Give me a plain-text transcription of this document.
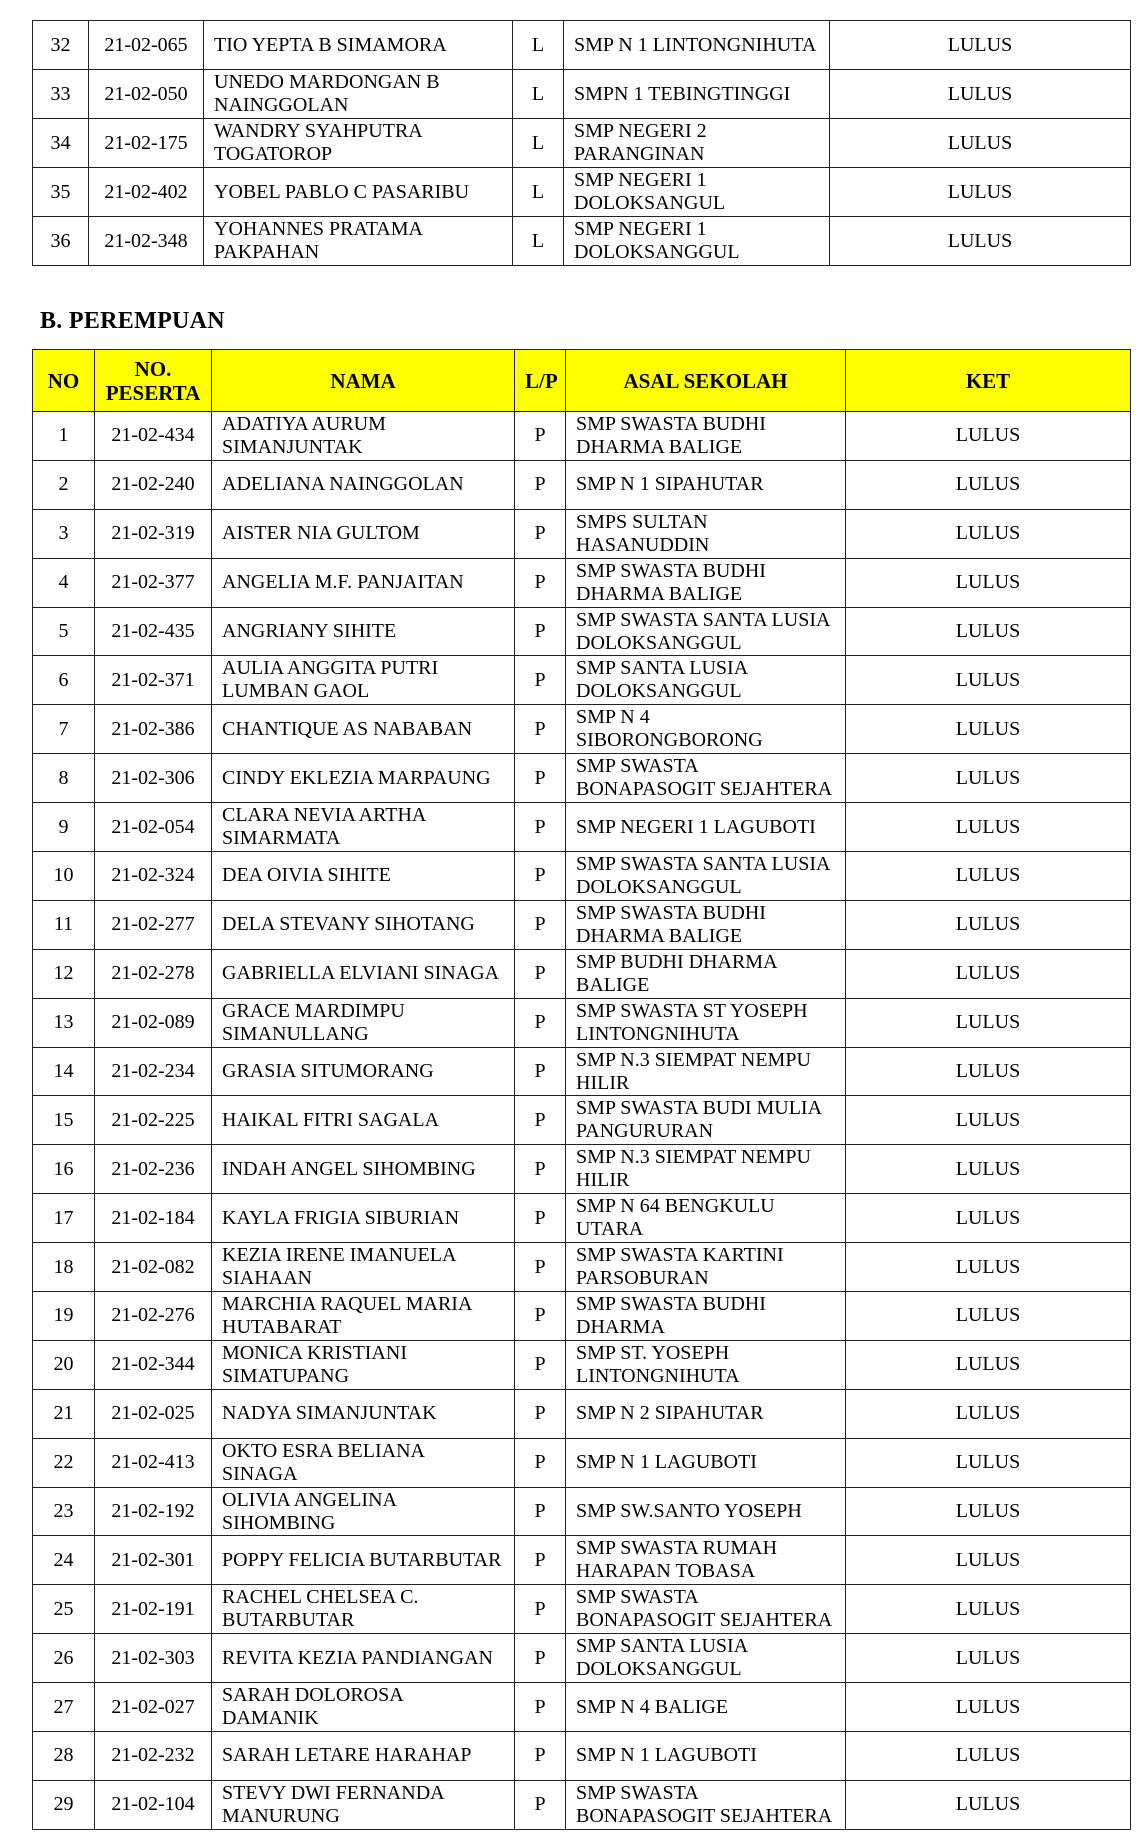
32	21-02-065	TIO YEPTA B SIMAMORA	L	SMP N 1 LINTONGNIHUTA	LULUS
33	21-02-050	UNEDO MARDONGAN B NAINGGOLAN	L	SMPN 1 TEBINGTINGGI	LULUS
34	21-02-175	WANDRY SYAHPUTRA TOGATOROP	L	SMP NEGERI 2 PARANGINAN	LULUS
35	21-02-402	YOBEL PABLO C PASARIBU	L	SMP NEGERI 1 DOLOKSANGUL	LULUS
36	21-02-348	YOHANNES PRATAMA PAKPAHAN	L	SMP NEGERI 1 DOLOKSANGGUL	LULUS
B. PEREMPUAN
NO	NO. PESERTA	NAMA	L/P	ASAL SEKOLAH	KET
1	21-02-434	ADATIYA AURUM SIMANJUNTAK	P	SMP SWASTA BUDHI DHARMA BALIGE	LULUS
2	21-02-240	ADELIANA NAINGGOLAN	P	SMP N 1 SIPAHUTAR	LULUS
3	21-02-319	AISTER NIA GULTOM	P	SMPS SULTAN HASANUDDIN	LULUS
4	21-02-377	ANGELIA M.F. PANJAITAN	P	SMP SWASTA BUDHI DHARMA BALIGE	LULUS
5	21-02-435	ANGRIANY SIHITE	P	SMP SWASTA SANTA LUSIA DOLOKSANGGUL	LULUS
6	21-02-371	AULIA ANGGITA PUTRI LUMBAN GAOL	P	SMP SANTA LUSIA DOLOKSANGGUL	LULUS
7	21-02-386	CHANTIQUE AS NABABAN	P	SMP N 4 SIBORONGBORONG	LULUS
8	21-02-306	CINDY EKLEZIA MARPAUNG	P	SMP SWASTA BONAPASOGIT SEJAHTERA	LULUS
9	21-02-054	CLARA NEVIA ARTHA SIMARMATA	P	SMP NEGERI 1 LAGUBOTI	LULUS
10	21-02-324	DEA OIVIA SIHITE	P	SMP SWASTA SANTA LUSIA DOLOKSANGGUL	LULUS
11	21-02-277	DELA STEVANY SIHOTANG	P	SMP SWASTA BUDHI DHARMA BALIGE	LULUS
12	21-02-278	GABRIELLA ELVIANI SINAGA	P	SMP BUDHI DHARMA BALIGE	LULUS
13	21-02-089	GRACE MARDIMPU SIMANULLANG	P	SMP SWASTA ST YOSEPH LINTONGNIHUTA	LULUS
14	21-02-234	GRASIA SITUMORANG	P	SMP N.3 SIEMPAT NEMPU HILIR	LULUS
15	21-02-225	HAIKAL FITRI SAGALA	P	SMP SWASTA BUDI MULIA PANGURURAN	LULUS
16	21-02-236	INDAH ANGEL SIHOMBING	P	SMP N.3 SIEMPAT NEMPU HILIR	LULUS
17	21-02-184	KAYLA FRIGIA SIBURIAN	P	SMP N 64 BENGKULU UTARA	LULUS
18	21-02-082	KEZIA IRENE IMANUELA SIAHAAN	P	SMP SWASTA KARTINI PARSOBURAN	LULUS
19	21-02-276	MARCHIA RAQUEL MARIA HUTABARAT	P	SMP SWASTA BUDHI DHARMA	LULUS
20	21-02-344	MONICA KRISTIANI SIMATUPANG	P	SMP ST. YOSEPH LINTONGNIHUTA	LULUS
21	21-02-025	NADYA SIMANJUNTAK	P	SMP N 2 SIPAHUTAR	LULUS
22	21-02-413	OKTO ESRA BELIANA SINAGA	P	SMP N 1 LAGUBOTI	LULUS
23	21-02-192	OLIVIA ANGELINA SIHOMBING	P	SMP SW.SANTO YOSEPH	LULUS
24	21-02-301	POPPY FELICIA BUTARBUTAR	P	SMP SWASTA RUMAH HARAPAN TOBASA	LULUS
25	21-02-191	RACHEL CHELSEA C. BUTARBUTAR	P	SMP SWASTA BONAPASOGIT SEJAHTERA	LULUS
26	21-02-303	REVITA KEZIA PANDIANGAN	P	SMP SANTA LUSIA DOLOKSANGGUL	LULUS
27	21-02-027	SARAH DOLOROSA DAMANIK	P	SMP N 4 BALIGE	LULUS
28	21-02-232	SARAH LETARE HARAHAP	P	SMP N 1 LAGUBOTI	LULUS
29	21-02-104	STEVY DWI FERNANDA MANURUNG	P	SMP SWASTA BONAPASOGIT SEJAHTERA	LULUS
